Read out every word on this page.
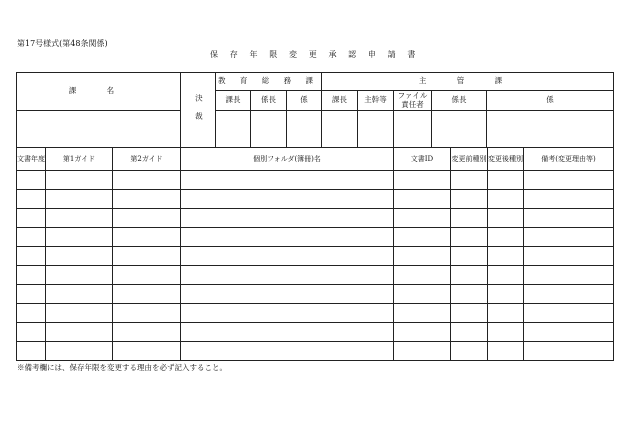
第17号様式(第48条関係)
保 存 年 限 変 更 承 認 申 請 書
課 名	決 裁	教 育 総 務 課			主 管 課				
		課長	係長	係	課長	主幹等	ファイル責任者	係長	係

文書年度	第1ガイド	第2ガイド	個別フォルダ(簿冊)名	文書ID	変更前種別	変更後種別	備考(変更理由等)

※備考欄には、保存年限を変更する理由を必ず記入すること。
